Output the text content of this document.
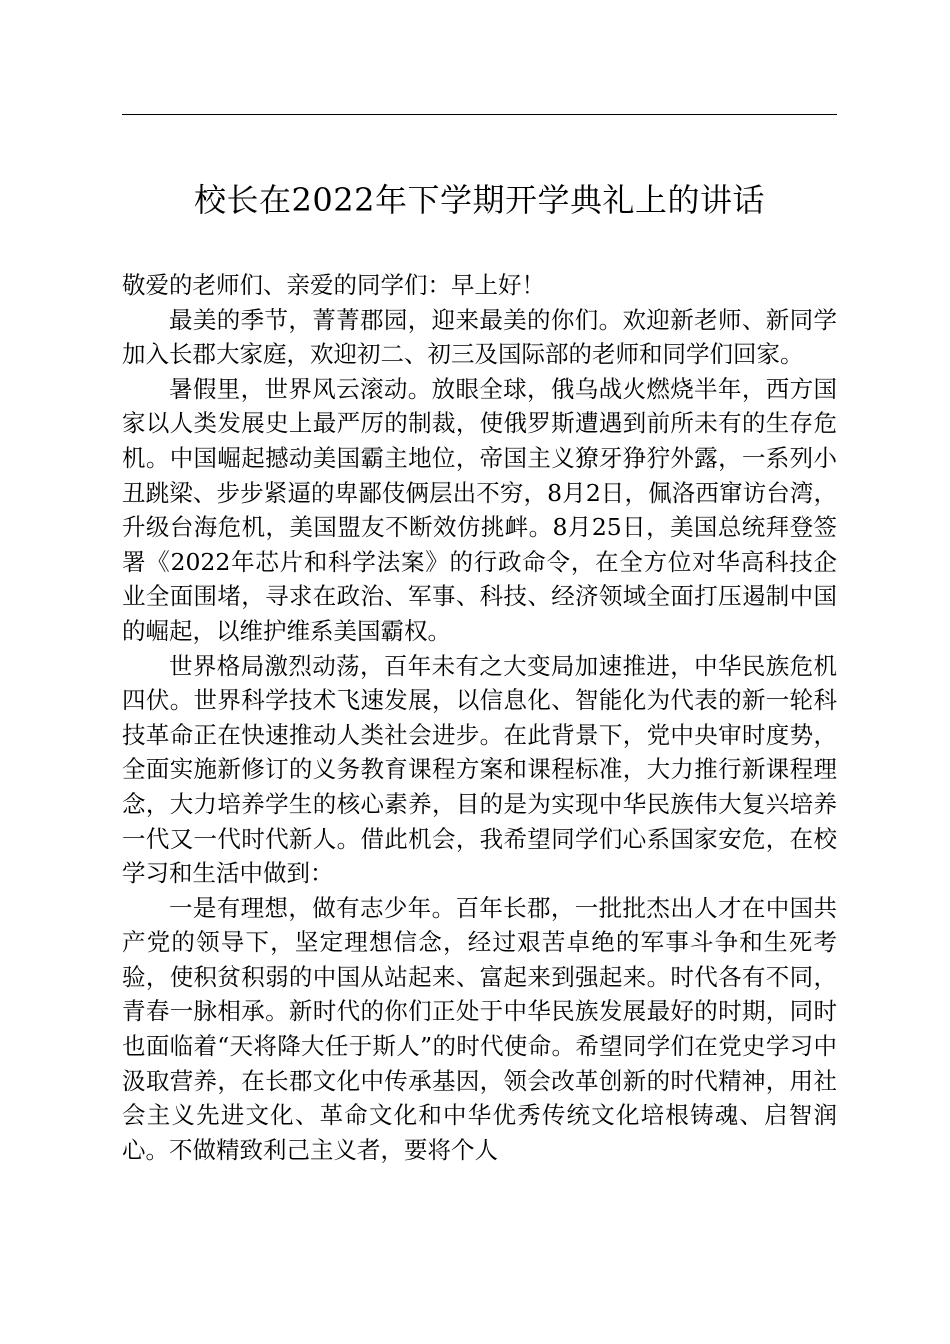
校长在2022年下学期开学典礼上的讲话

敬爱的老师们、亲爱的同学们：早上好！

最美的季节，菁菁郡园，迎来最美的你们。欢迎新老师、新同学加入长郡大家庭，欢迎初二、初三及国际部的老师和同学们回家。

暑假里，世界风云滚动。放眼全球，俄乌战火燃烧半年，西方国家以人类发展史上最严厉的制裁，使俄罗斯遭遇到前所未有的生存危机。中国崛起撼动美国霸主地位，帝国主义獠牙狰狞外露，一系列小丑跳梁、步步紧逼的卑鄙伎俩层出不穷，8月2日，佩洛西窜访台湾，升级台海危机，美国盟友不断效仿挑衅。8月25日，美国总统拜登签署《2022年芯片和科学法案》的行政命令，在全方位对华高科技企业全面围堵，寻求在政治、军事、科技、经济领域全面打压遏制中国的崛起，以维护维系美国霸权。

世界格局激烈动荡，百年未有之大变局加速推进，中华民族危机四伏。世界科学技术飞速发展，以信息化、智能化为代表的新一轮科技革命正在快速推动人类社会进步。在此背景下，党中央审时度势，全面实施新修订的义务教育课程方案和课程标准，大力推行新课程理念，大力培养学生的核心素养，目的是为实现中华民族伟大复兴培养一代又一代时代新人。借此机会，我希望同学们心系国家安危，在校学习和生活中做到：

一是有理想，做有志少年。百年长郡，一批批杰出人才在中国共产党的领导下，坚定理想信念，经过艰苦卓绝的军事斗争和生死考验，使积贫积弱的中国从站起来、富起来到强起来。时代各有不同，青春一脉相承。新时代的你们正处于中华民族发展最好的时期，同时也面临着“天将降大任于斯人”的时代使命。希望同学们在党史学习中汲取营养，在长郡文化中传承基因，领会改革创新的时代精神，用社会主义先进文化、革命文化和中华优秀传统文化培根铸魂、启智润心。不做精致利己主义者，要将个人
